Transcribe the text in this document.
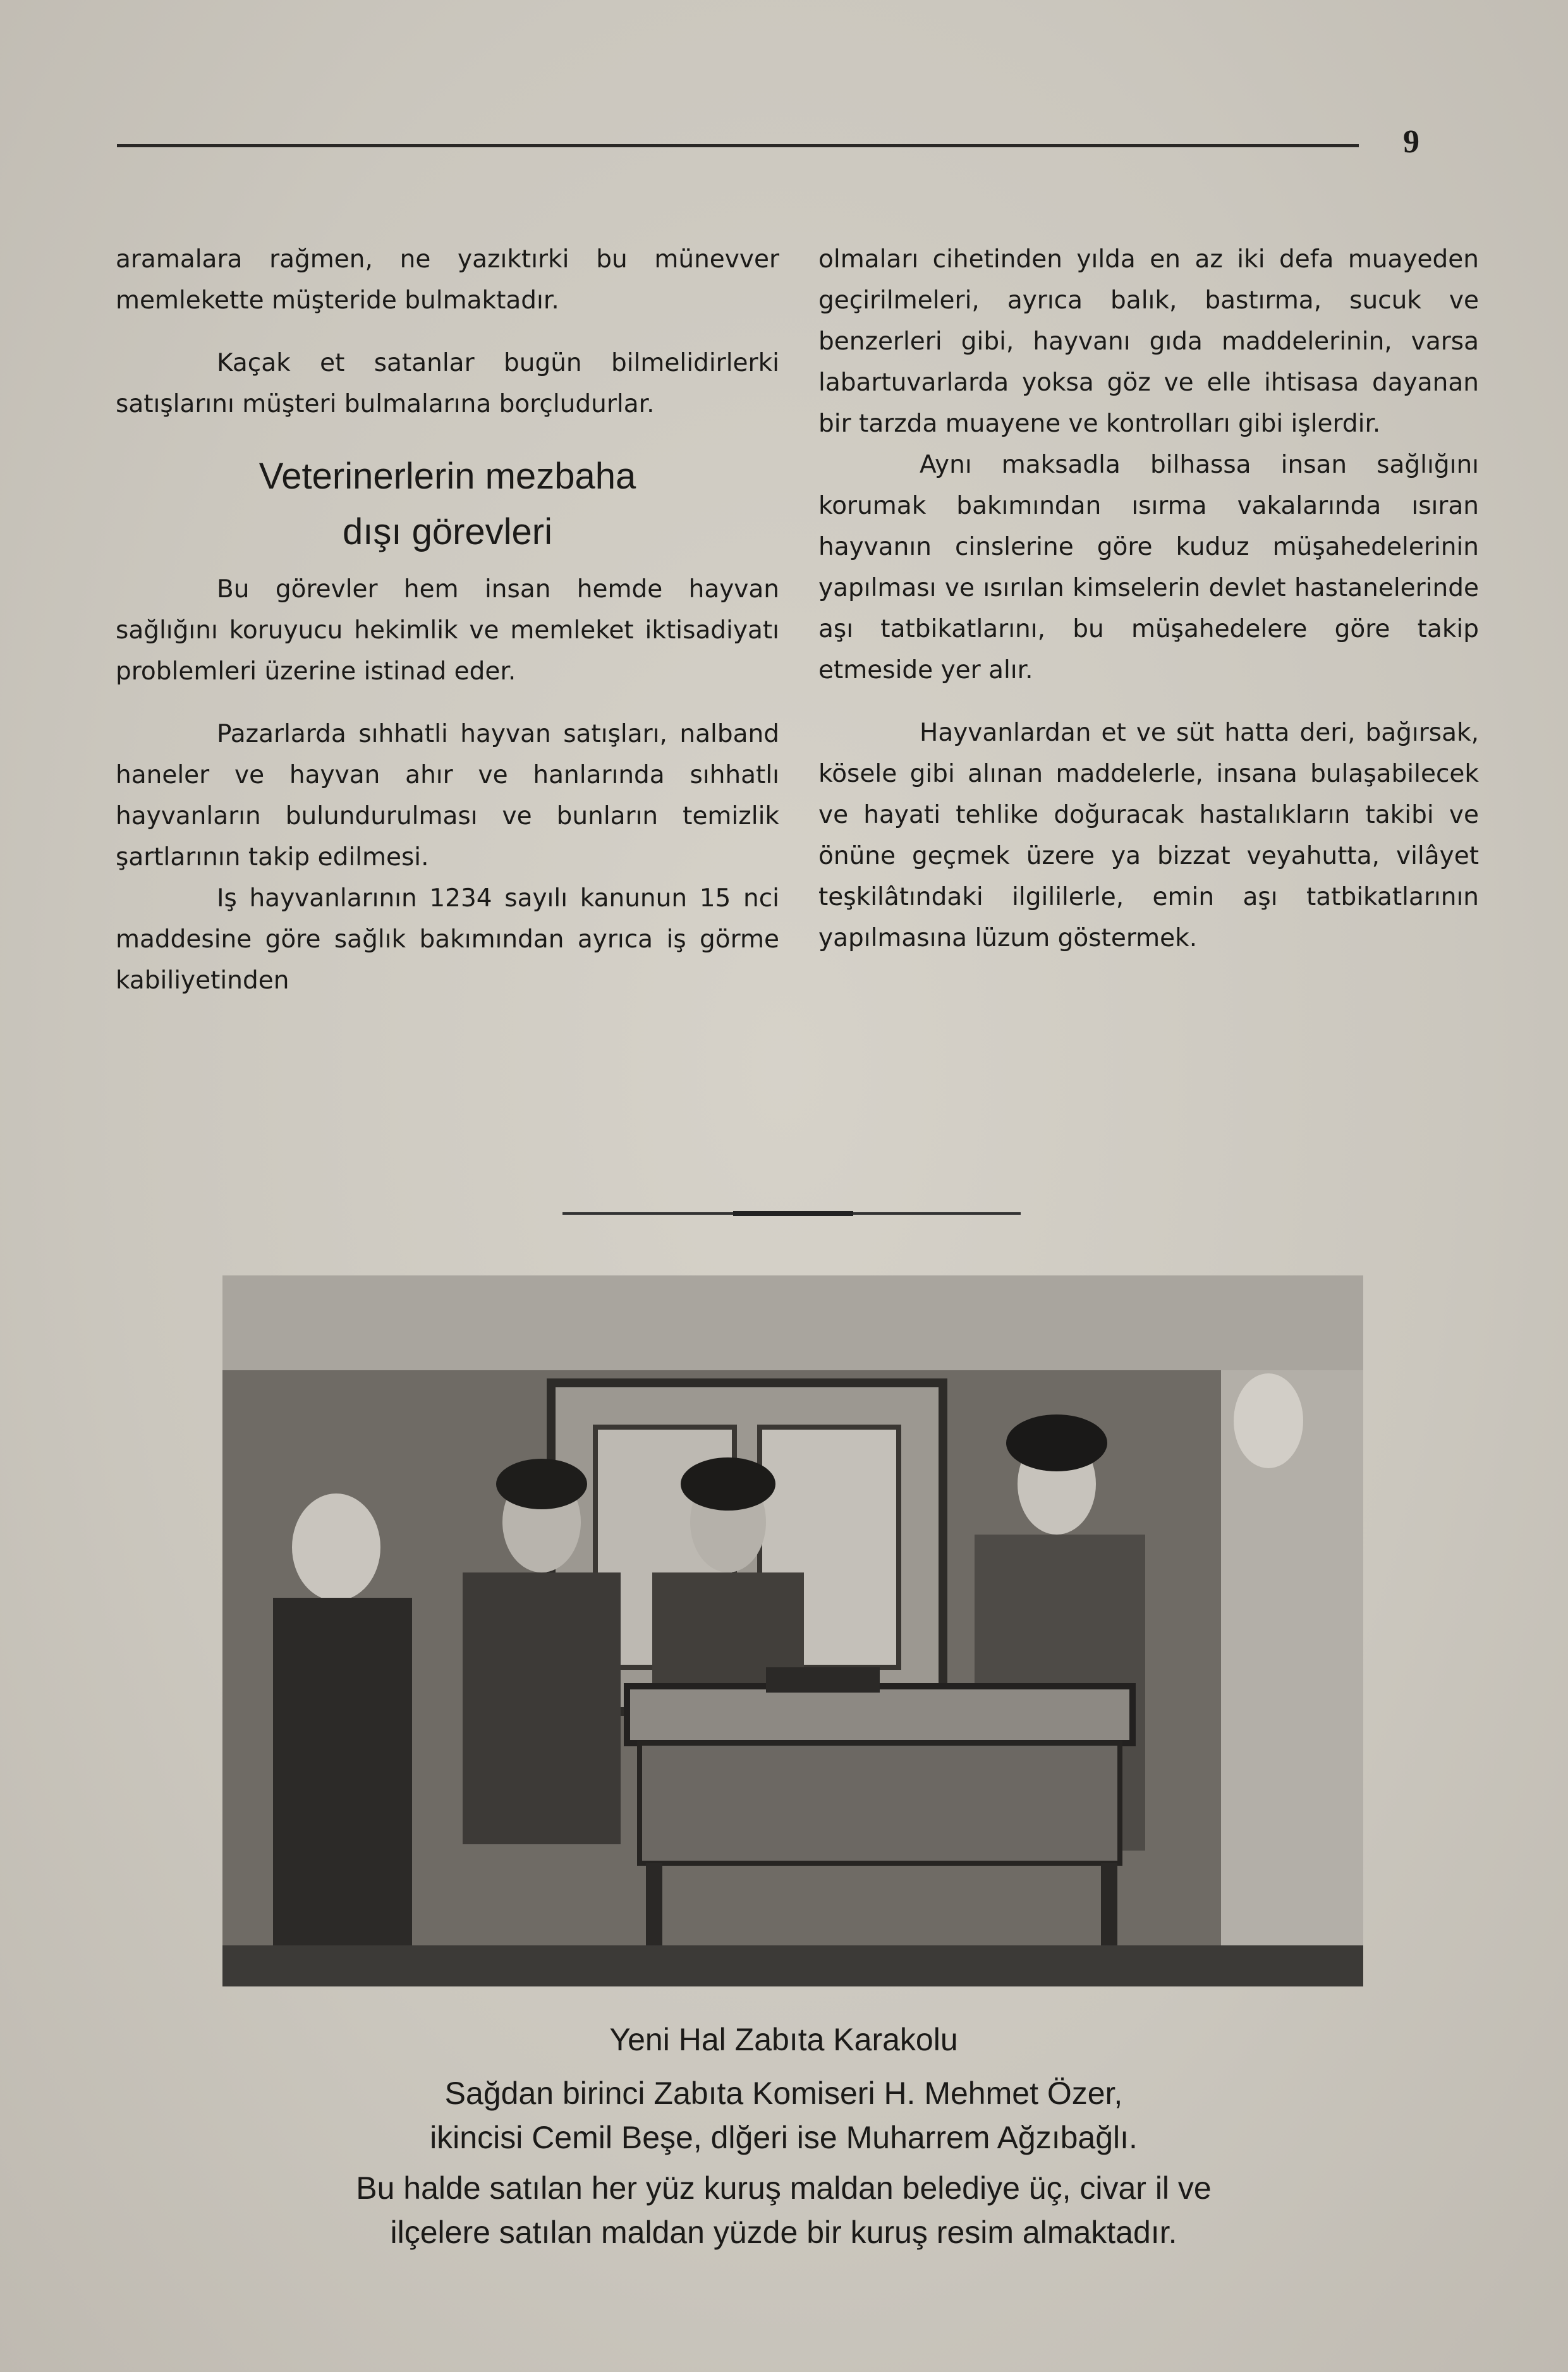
9

aramalara rağmen, ne yazıktırki bu münevver memlekette müşteride bulmaktadır.

Kaçak et satanlar bugün bilmelidirlerki satışlarını müşteri bulmalarına borçludurlar.

Veterinerlerin mezbaha
dışı görevleri

Bu görevler hem insan hemde hayvan sağlığını koruyucu hekimlik ve memleket iktisadiyatı problemleri üzerine istinad eder.

Pazarlarda sıhhatli hayvan satışları, nalband haneler ve hayvan ahır ve hanlarında sıhhatlı hayvanların bulundurulması ve bunların temizlik şartlarının takip edilmesi.

Iş hayvanlarının 1234 sayılı kanunun 15 nci maddesine göre sağlık bakımından ayrıca iş görme kabiliyetinden

olmaları cihetinden yılda en az iki defa muayeden geçirilmeleri, ayrıca balık, bastırma, sucuk ve benzerleri gibi, hayvanı gıda maddelerinin, varsa labartuvarlarda yoksa göz ve elle ihtisasa dayanan bir tarzda muayene ve kontrolları gibi işlerdir.

Aynı maksadla bilhassa insan sağlığını korumak bakımından ısırma vakalarında ısıran hayvanın cinslerine göre kuduz müşahedelerinin yapılması ve ısırılan kimselerin devlet hastanelerinde aşı tatbikatlarını, bu müşahedelere göre takip etmeside yer alır.

Hayvanlardan et ve süt hatta deri, bağırsak, kösele gibi alınan maddelerle, insana bulaşabilecek ve hayati tehlike doğuracak hastalıkların takibi ve önüne geçmek üzere ya bizzat veyahutta, vilâyet teşkilâtındaki ilgililerle, emin aşı tatbikatlarının yapılmasına lüzum göstermek.

Yeni Hal Zabıta Karakolu
Sağdan birinci Zabıta Komiseri H. Mehmet Özer,
ikincisi Cemil Beşe, dlğeri ise Muharrem Ağzıbağlı.
Bu halde satılan her yüz kuruş maldan belediye üç, civar il ve
ilçelere satılan maldan yüzde bir kuruş resim almaktadır.
